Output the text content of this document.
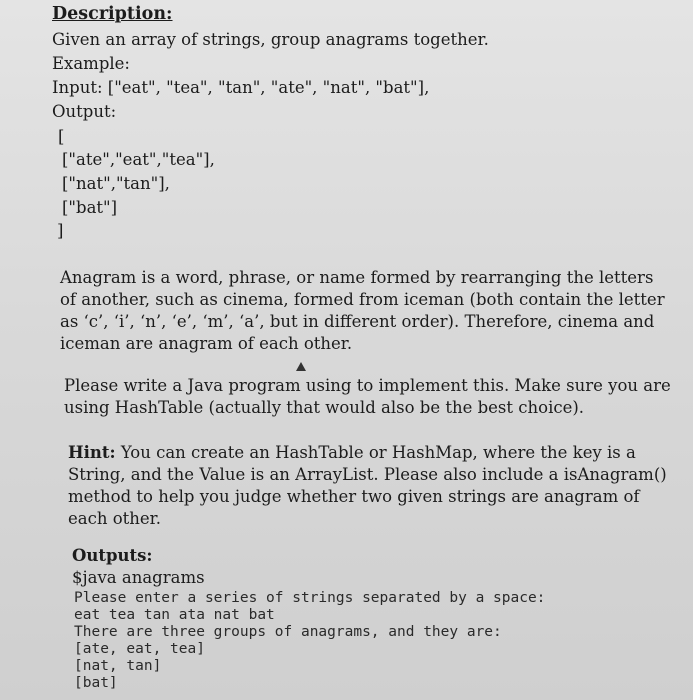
Description:
Given an array of strings, group anagrams together.
Example:
Input: ["eat", "tea", "tan", "ate", "nat", "bat"],
Output:
[
["ate","eat","tea"],
["nat","tan"],
["bat"]
]
Anagram is a word, phrase, or name formed by rearranging the letters
of another, such as cinema, formed from iceman (both contain the letter
as ‘c’, ‘i’, ‘n’, ‘e’, ‘m’, ‘a’, but in different order). Therefore, cinema and
iceman are anagram of each other.
Please write a Java program using to implement this. Make sure you are
using HashTable (actually that would also be the best choice).
Hint: You can create an HashTable or HashMap, where the key is a
String, and the Value is an ArrayList. Please also include a isAnagram()
method to help you judge whether two given strings are anagram of
each other.
Outputs:
$java anagrams
Please enter a series of strings separated by a space:
eat tea tan ata nat bat
There are three groups of anagrams, and they are:
[ate, eat, tea]
[nat, tan]
[bat]
